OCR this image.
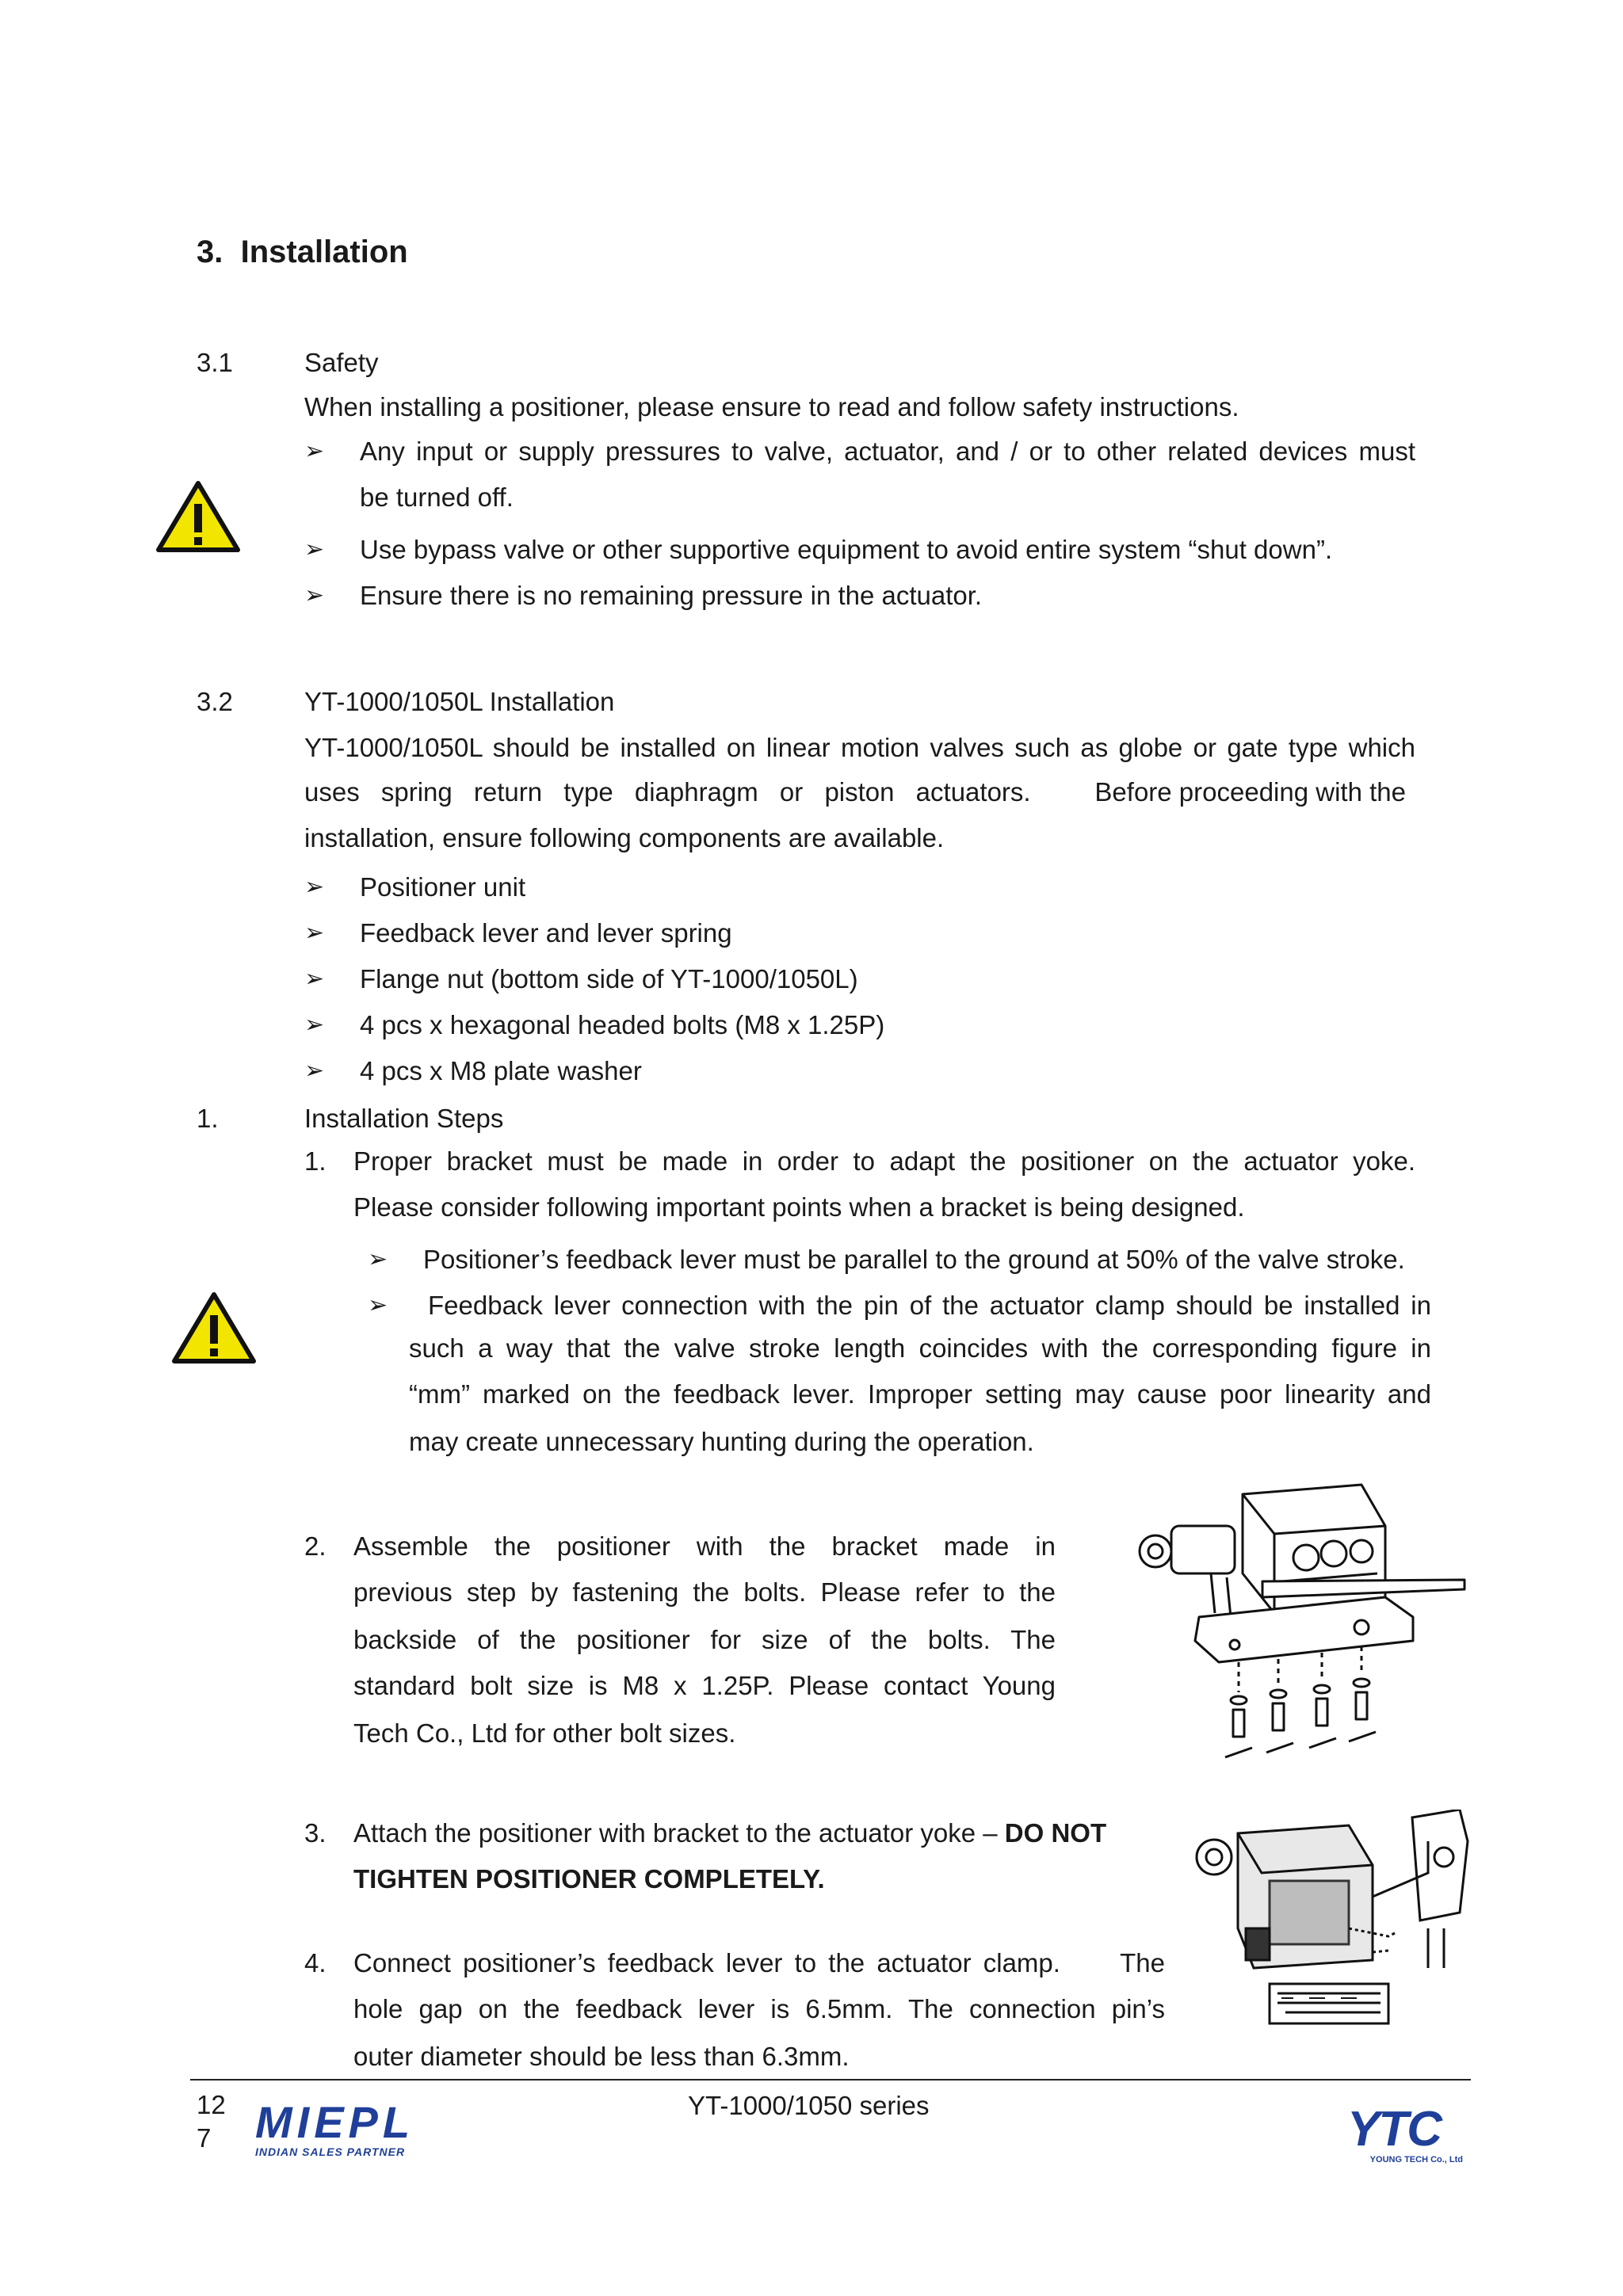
3. Installation
3.1	Safety
When installing a positioner, please ensure to read and follow safety instructions.
➢ Any input or supply pressures to valve, actuator, and / or to other related devices must
be turned off.
➢ Use bypass valve or other supportive equipment to avoid entire system “shut down”.
➢ Ensure there is no remaining pressure in the actuator.
3.2	YT-1000/1050L Installation
YT-1000/1050L should be installed on linear motion valves such as globe or gate type which
uses spring return type diaphragm or piston actuators. Before proceeding with the
installation, ensure following components are available.
➢ Positioner unit
➢ Feedback lever and lever spring
➢ Flange nut (bottom side of YT-1000/1050L)
➢ 4 pcs x hexagonal headed bolts (M8 x 1.25P)
➢ 4 pcs x M8 plate washer
1.	Installation Steps
1. Proper bracket must be made in order to adapt the positioner on the actuator yoke.
Please consider following important points when a bracket is being designed.
➢ Positioner’s feedback lever must be parallel to the ground at 50% of the valve stroke.
➢ Feedback lever connection with the pin of the actuator clamp should be installed in
such a way that the valve stroke length coincides with the corresponding figure in
“mm” marked on the feedback lever. Improper setting may cause poor linearity and
may create unnecessary hunting during the operation.
2. Assemble the positioner with the bracket made in
previous step by fastening the bolts. Please refer to the
backside of the positioner for size of the bolts. The
standard bolt size is M8 x 1.25P. Please contact Young
Tech Co., Ltd for other bolt sizes.
3. Attach the positioner with bracket to the actuator yoke – DO NOT
TIGHTEN POSITIONER COMPLETELY.
4. Connect positioner’s feedback lever to the actuator clamp. The
hole gap on the feedback lever is 6.5mm. The connection pin’s
outer diameter should be less than 6.3mm.
12
7 MIEPL
INDIAN SALES PARTNER
YT-1000/1050 series	YTC
YOUNG TECH Co., Ltd
